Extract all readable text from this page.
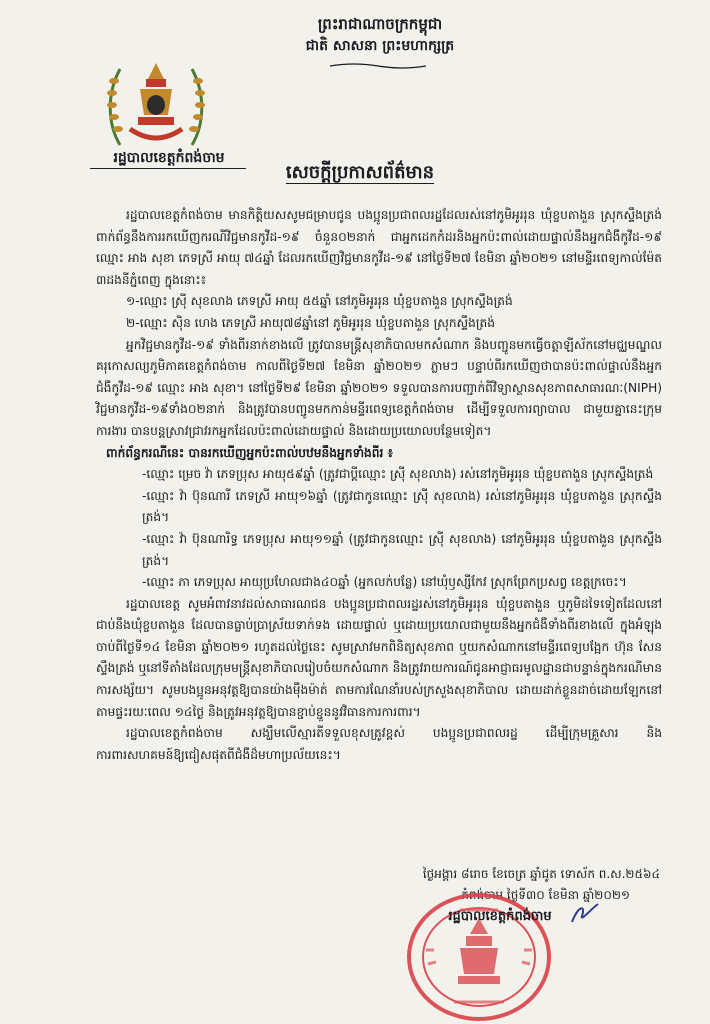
រដ្ឋបាលខេត្តកំពង់ចាម

ព្រះរាជាណាចក្រកម្ពុជា

ជាតិ សាសនា ព្រះមហាក្សត្រ

សេចក្តីប្រកាសព័ត៌មាន

រដ្ឋបាលខេត្តកំពង់ចាម មានកិត្តិយសសូមជម្រាបជូន បងប្អូនប្រជាពលរដ្ឋដែលរស់នៅភូមិអូររុន ឃុំខ្ចបតាងួន ស្រុកស្ទឹងត្រង់ ពាក់ព័ន្ធនឹងការរកឃើញករណីវិជ្ជមានកូវីដ-១៩ ចំនួន០២នាក់ ជាអ្នកដេកកំដរនិងអ្នកប៉ះពាល់ដោយផ្ទាល់នឹងអ្នកជំងឺកូវីដ-១៩ ឈ្មោះ អាង សុខា ភេទស្រី អាយុ ៧៤ឆ្នាំ ដែលរកឃើញវិជ្ជមានកូវីដ-១៩ នៅថ្ងៃទី២៧ ខែមិនា ឆ្នាំ២០២១ នៅមន្ទីរពេទ្យកាល់ម៉ែត ៣ដងនីភ្នំពេញ ក្នុងនោះ៖

១-ឈ្មោះ ស្រ៊ី សុខលាង ភេទស្រី អាយុ ៥៥ឆ្នាំ នៅភូមិអូររុន ឃុំខ្ចបតាងួន ស្រុកស្ទឹងត្រង់

២-ឈ្មោះ ស៊ិន ហេង ភេទស្រី អាយុ៧៨ឆ្នាំនៅ ភូមិអូររុន ឃុំខ្ចបតាងួន ស្រុកស្ទឹងត្រង់

អ្នកវិជ្ជមានកូវីដ-១៩ ទាំងពីរនាក់ខាងលើ ត្រូវបានមន្ត្រីសុខាភិបាលមកសំណាក និងបញ្ជូនមកធ្វើចត្តាឡីស័កនៅមជ្ឈមណ្ឌលគរុកោសល្យភូមិភាគខេត្តកំពង់ចាម កាលពីថ្ងៃទី២៧ ខែមិនា ឆ្នាំ២០២១ ភ្លាមៗ បន្ទាប់ពីរកឃើញថាបានប៉ះពាល់ផ្ទាល់នឹងអ្នកជំងឺកូវីដ-១៩ ឈ្មោះ អាង សុខា។ នៅថ្ងៃទី២៩ ខែមិនា ឆ្នាំ២០២១ ទទួលបានការបញ្ជាក់ពីវិទ្យាស្ថានសុខភាពសាធារណៈ(NIPH) វិជ្ជមានកូវីដ-១៩ទាំង០២នាក់ និងត្រូវបានបញ្ជូនមកកាន់មន្ទីរពេទ្យខេត្តកំពង់ចាម ដើម្បីទទួលការព្យាបាល ជាមួយគ្នានេះក្រុមការងារ បានបន្តស្រាវជ្រាវរកអ្នកដែលប៉ះពាល់ដោយផ្ទាល់ និងដោយប្រយោលបន្ថែមទៀត។

ពាក់ព័ន្ធករណីនេះ បានរកឃើញអ្នកប៉ះពាល់បឋមនឹងអ្នកទាំងពីរ ៖

-ឈ្មោះ ម្រេច វ៉ា ភេទប្រុស អាយុ៥៩ឆ្នាំ (ត្រូវជាប្តីឈ្មោះ ស្រ៊ី សុខលាង) រស់នៅភូមិអូររុន ឃុំខ្ចបតាងួន ស្រុកស្ទឹងត្រង់

-ឈ្មោះ វ៉ា ប៊ុនណារី ភេទស្រី អាយុ១៦ឆ្នាំ (ត្រូវជាកូនឈ្មោះ ស្រ៊ី សុខលាង) រស់នៅភូមិអូររុន ឃុំខ្ចបតាងួន ស្រុកស្ទឹងត្រង់។

-ឈ្មោះ វ៉ា ប៊ុនណារិទ្ធ ភេទប្រុស អាយុ១១ឆ្នាំ (ត្រូវជាកូនឈ្មោះ ស្រ៊ី សុខលាង) នៅភូមិអូររុន ឃុំខ្ចបតាងួន ស្រុកស្ទឹងត្រង់។

-ឈ្មោះ ភា ភេទប្រុស អាយុប្រហែលជាង៤០ឆ្នាំ (អ្នកលក់បន្លែ) នៅឃុំឫស្សីកែវ ស្រុកព្រែកប្រសព្វ ខេត្តក្រចេះ។

រដ្ឋបាលខេត្ត សូមអំពាវនាវដល់សាធារណជន បងប្អូនប្រជាពលរដ្ឋរស់នៅភូមិអូររុន ឃុំខ្ចបតាងួន ឬភូមិដទៃទៀតដែលនៅជាប់នឹងឃុំខ្ចបតាងួន ដែលបានធ្លាប់ប្រាស្រ័យទាក់ទង ដោយផ្ទាល់ ឬដោយប្រយោលជាមួយនឹងអ្នកជំងឺទាំងពីរខាងលើ ក្នុងអំឡុងចាប់ពីថ្ងៃទី១៤ ខែមិនា ឆ្នាំ២០២១ រហូតដល់ថ្ងៃនេះ សូមស្រាវមកពិនិត្យសុខភាព ឬយកសំណាកនៅមន្ទីរពេទ្យបង្អែក ហ៊ុន សែន ស្ទឹងត្រង់ ឬនៅទីតាំងដែលក្រុមមន្ត្រីសុខាភិបាលរៀបចំយកសំណាក និងត្រូវរាយការណ៍ជូនអាជ្ញាធរមូលដ្ឋានជាបន្ទាន់ក្នុងករណីមានការសង្ស័យ។ សូមបងប្អូនអនុវត្តឱ្យបានយ៉ាងម៉ឺងម៉ាត់ តាមការណែនាំរបស់ក្រសួងសុខាភិបាល ដោយដាក់ខ្លួនដាច់ដោយឡែកនៅតាមផ្ទះរយៈពេល ១៤ថ្ងៃ និងត្រូវអនុវត្តឱ្យបានខ្ជាប់ខ្ជួននូវវិធានការការពារ។

រដ្ឋបាលខេត្តកំពង់ចាម សង្ឃឹមលើស្មារតីទទួលខុសត្រូវខ្ពស់ បងប្អូនប្រជាពលរដ្ឋ ដើម្បីក្រុមគ្រួសារ និងការពារសហគមន៍ឱ្យជៀសផុតពីជំងឺដ៏មហាប្រល័យនេះ។

ថ្ងៃអង្គារ ៨រោច ខែចេត្រ ឆ្នាំជូត ទោស័ក ព.ស.២៥៦៤

កំពង់ចាម ថ្ងៃទី៣០ ខែមិនា ឆ្នាំ២០២១

រដ្ឋបាលខេត្តកំពង់ចាម
